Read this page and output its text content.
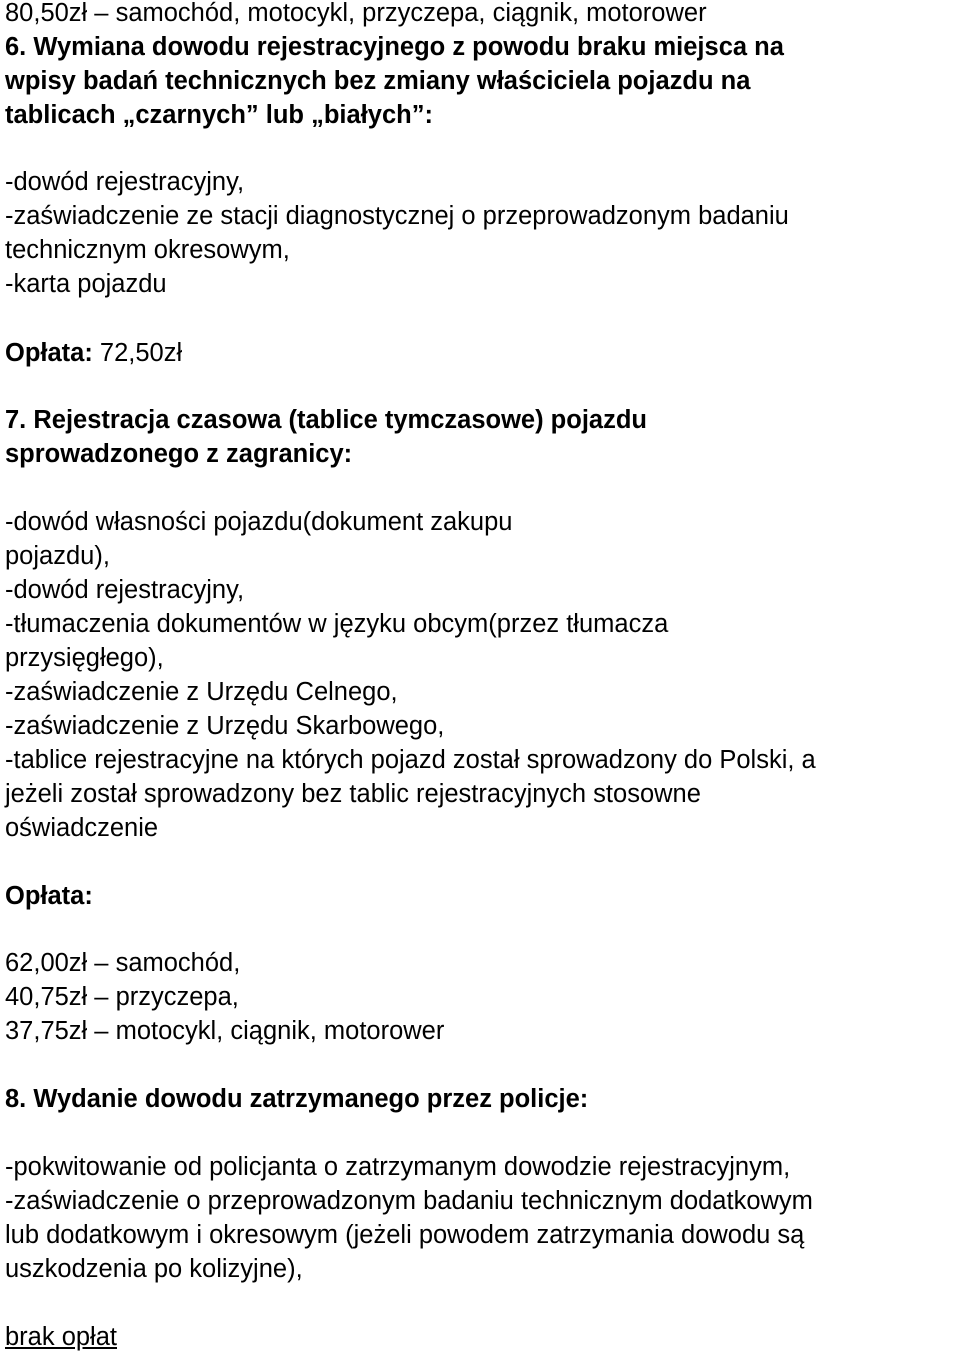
80,50zł – samochód, motocykl, przyczepa, ciągnik, motorower
6. Wymiana dowodu rejestracyjnego z powodu braku miejsca na
wpisy badań technicznych bez zmiany właściciela pojazdu na
tablicach „czarnych” lub „białych”:
-dowód rejestracyjny,
-zaświadczenie ze stacji diagnostycznej o przeprowadzonym badaniu
technicznym okresowym,
-karta pojazdu
Opłata: 72,50zł
7. Rejestracja czasowa (tablice tymczasowe) pojazdu
sprowadzonego z zagranicy:
-dowód własności pojazdu(dokument zakupu
pojazdu),
-dowód rejestracyjny,
-tłumaczenia dokumentów w języku obcym(przez tłumacza
przysięgłego),
-zaświadczenie z Urzędu Celnego,
-zaświadczenie z Urzędu Skarbowego,
-tablice rejestracyjne na których pojazd został sprowadzony do Polski, a
jeżeli został sprowadzony bez tablic rejestracyjnych stosowne
oświadczenie
Opłata:
62,00zł – samochód,
40,75zł – przyczepa,
37,75zł – motocykl, ciągnik, motorower
8. Wydanie dowodu zatrzymanego przez policje:
-pokwitowanie od policjanta o zatrzymanym dowodzie rejestracyjnym,
-zaświadczenie o przeprowadzonym badaniu technicznym dodatkowym
lub dodatkowym i okresowym (jeżeli powodem zatrzymania dowodu są
uszkodzenia po kolizyjne),
brak opłat
